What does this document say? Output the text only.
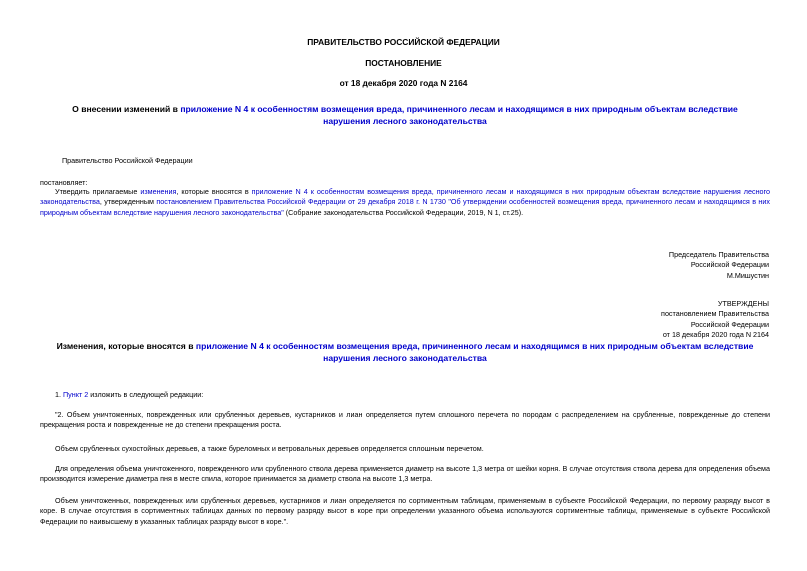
ПРАВИТЕЛЬСТВО РОССИЙСКОЙ ФЕДЕРАЦИИ
ПОСТАНОВЛЕНИЕ
от 18 декабря 2020 года N 2164
О внесении изменений в приложение N 4 к особенностям возмещения вреда, причиненного лесам и находящимся в них природным объектам вследствие нарушения лесного законодательства
Правительство Российской Федерации
постановляет:
Утвердить прилагаемые изменения, которые вносятся в приложение N 4 к особенностям возмещения вреда, причиненного лесам и находящимся в них природным объектам вследствие нарушения лесного законодательства, утвержденным постановлением Правительства Российской Федерации от 29 декабря 2018 г. N 1730 "Об утверждении особенностей возмещения вреда, причиненного лесам и находящимся в них природным объектам вследствие нарушения лесного законодательства" (Собрание законодательства Российской Федерации, 2019, N 1, ст.25).
Председатель Правительства
Российской Федерации
М.Мишустин
УТВЕРЖДЕНЫ
постановлением Правительства
Российской Федерации
от 18 декабря 2020 года N 2164
Изменения, которые вносятся в приложение N 4 к особенностям возмещения вреда, причиненного лесам и находящимся в них природным объектам вследствие нарушения лесного законодательства
1. Пункт 2 изложить в следующей редакции:
"2. Объем уничтоженных, поврежденных или срубленных деревьев, кустарников и лиан определяется путем сплошного перечета по породам с распределением на срубленные, поврежденные до степени прекращения роста и поврежденные не до степени прекращения роста.
Объем срубленных сухостойных деревьев, а также буреломных и ветровальных деревьев определяется сплошным перечетом.
Для определения объема уничтоженного, поврежденного или срубленного ствола дерева применяется диаметр на высоте 1,3 метра от шейки корня. В случае отсутствия ствола дерева для определения объема производится измерение диаметра пня в месте спила, которое принимается за диаметр ствола на высоте 1,3 метра.
Объем уничтоженных, поврежденных или срубленных деревьев, кустарников и лиан определяется по сортиментным таблицам, применяемым в субъекте Российской Федерации, по первому разряду высот в коре. В случае отсутствия в сортиментных таблицах данных по первому разряду высот в коре при определении указанного объема используются сортиментные таблицы, применяемые в субъекте Российской Федерации по наивысшему в указанных таблицах разряду высот в коре.".
